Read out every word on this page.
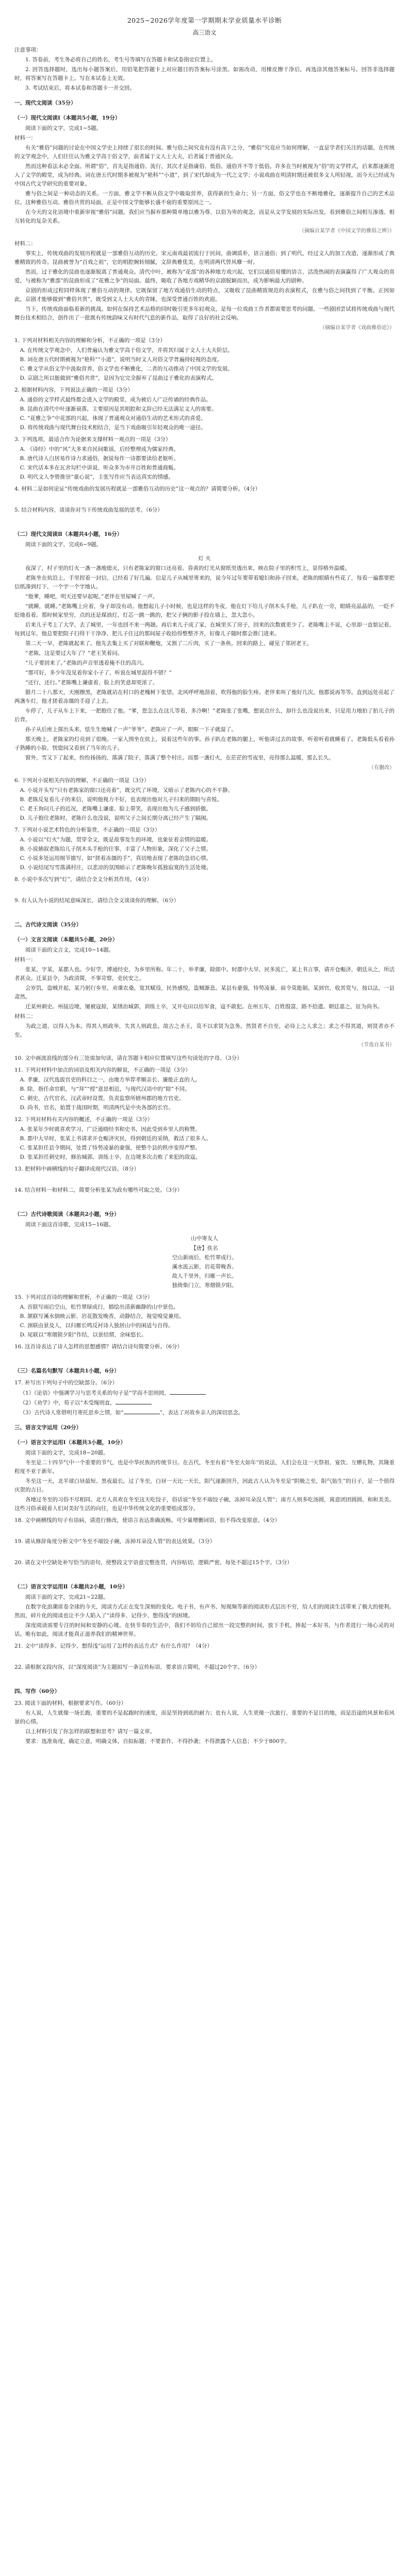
2025~2026学年度第一学期期末学业质量水平诊断
高三语文
注意事项：
1. 答卷前，考生务必将自己的姓名、考生号等填写在答题卡和试卷指定位置上。
2. 回答选择题时，选出每小题答案后，用铅笔把答题卡上对应题目的答案标号涂黑。如需改动，用橡皮擦干净后，再选涂其他答案标号。回答非选择题时，将答案写在答题卡上。写在本试卷上无效。
3. 考试结束后，将本试卷和答题卡一并交回。
一、现代文阅读（35分）
（一）现代文阅读Ⅰ（本题共5小题，19分）
阅读下面的文字，完成1~5题。
材料一：
有关“雅俗”问题的讨论在中国文学史上持续了很长的时间。雅与俗之间究竟有没有高下之分，“雅俗”究竟应当如何理解，一直是学者们关注的话题。在传统的文学观念中，人们往往认为雅文学高于俗文学，前者属于文人士大夫，后者属于普通民众。
然而这种看法未必全面。所谓“俗”，首先是指通俗、流行，其次才是指庸俗、低俗。通俗并不等于低俗。许多在当时被视为“俗”的文学样式，后来都逐渐进入了文学的殿堂，成为经典。词在唐五代时期多被视为“艳科”“小道”，到了宋代却成为一代之文学；小说戏曲在明清时期还被很多文人所轻视，而今天已经成为中国古代文学研究的重要对象。
雅与俗之间是一种动态的关系。一方面，雅文学不断从俗文学中吸取营养，获得新的生命力；另一方面，俗文学也在不断地雅化，逐渐提升自己的艺术品位。这种雅俗互动、雅俗共赏的局面，正是中国文学能够长盛不衰的重要原因之一。
在今天的文化语境中重新审视“雅俗”问题，我们应当摒弃那种简单地以雅为尊、以俗为卑的观念，而是从文学发展的实际出发，看到雅俗之间相互渗透、相互转化的复杂关系。
（摘编自某学者《中国文学的雅俗之辨》）
材料二：
事实上，传统戏曲的发展历程就是一部雅俗互动的历史。宋元南戏最初流行于民间，曲调质朴，语言通俗；到了明代，经过文人的加工改造，逐渐形成了典雅精致的传奇。昆曲被誉为“百戏之祖”，它的唱腔婉转细腻，文辞典雅优美，在明清两代曾风靡一时。
然而，过于雅化的昆曲也逐渐脱离了普通观众。清代中叶，被称为“花部”的各种地方戏兴起，它们以通俗易懂的语言、活泼热闹的表演赢得了广大观众的喜爱，与被称为“雅部”的昆曲形成了“花雅之争”的局面。最终，吸收了各地方戏精华的京剧脱颖而出，成为影响最大的剧种。
京剧的形成过程同样体现了雅俗互动的规律。它既保留了地方戏通俗生动的特点，又吸收了昆曲精致规范的表演程式，在雅与俗之间找到了平衡。正因如此，京剧才能够做到“雅俗共赏”，既受到文人士大夫的青睐，也深受普通百姓的欢迎。
当下，传统戏曲面临着新的挑战。如何在保持艺术品格的同时吸引更多年轻观众，是每一位戏曲工作者都需要思考的问题。一些剧团尝试将传统戏曲与现代舞台技术相结合，创作出了一批既有传统韵味又有时代气息的新作品，取得了良好的社会反响。
（摘编自某学者《戏曲雅俗论》）
1. 下列对材料相关内容的理解和分析，不正确的一项是（3分）
A. 在传统文学观念中，人们普遍认为雅文学高于俗文学，并将其归属于文人士大夫阶层。
B. 词在唐五代时期被视为“艳科”“小道”，说明当时文人对俗文学普遍持轻视的态度。
C. 雅文学从俗文学中汲取营养，俗文学也不断雅化，二者的互动推动了中国文学的发展。
D. 京剧之所以能做到“雅俗共赏”，是因为它完全摒弃了昆曲过于雅化的表演程式。
2. 根据材料内容，下列说法正确的一项是（3分）
A. 通俗的文学样式最终都会进入文学的殿堂，成为被后人广泛传诵的经典作品。
B. 昆曲在清代中叶逐渐衰落，主要原因是其唱腔和文辞已经无法满足文人的需要。
C. “花雅之争”中花部的兴起，体现了普通观众对通俗生动的艺术形式的喜爱。
D. 将传统戏曲与现代舞台技术相结合，是当下戏曲吸引年轻观众的唯一途径。
3. 下列选项，最适合作为论据来支撑材料一观点的一项是（3分）
A. 《诗经》中的“风”大多来自民间歌谣，后经整理成为儒家经典。
B. 唐代诗人白居易作诗力求通俗，据说每作一诗都要读给老妪听。
C. 宋代话本多在瓦舍勾栏中讲说，听众多为市井百姓和普通商贩。
D. 明代文人李贽推崇“童心说”，主张写作应当表达真实的情感。
4. 材料二是如何论证“传统戏曲的发展历程就是一部雅俗互动的历史”这一观点的？请简要分析。（4分）
5. 结合材料内容，谈谈你对当下传统戏曲发展的思考。（6分）
（二）现代文阅读Ⅱ（本题共4小题，16分）
阅读下面的文字，完成6~9题。
灯 火
夜深了，村子里的灯火一盏一盏地熄灭，只有老陈家的窗口还亮着。昏黄的灯光从窗纸里透出来，映在院子里的积雪上，显得格外温暖。
老陈坐在炕沿上，手里捏着一封信，已经看了好几遍。信是儿子从城里寄来的，说今年过年要带着媳妇和孙子回来。老陈的眼睛有些花了，每看一遍都要把信纸凑到灯下，一个字一个字地认。
“他爹，睡吧，明天还要早起呢。”老伴在里屋喊了一声。
“就睡，就睡。”老陈嘴上应着，身子却没有动。他想起儿子小时候，也是这样的冬夜，他在灯下给儿子削木头手枪，儿子趴在一旁，眼睛亮晶晶的，一眨不眨地看着。那时候家里穷，点的还是煤油灯，灯芯一跳一跳的，把父子俩的影子投在墙上，忽大忽小。
后来儿子考上了大学，去了城里，一年也回不来一两趟。再后来儿子成了家，在城里买了房子，回来的次数就更少了。老陈嘴上不说，心里却一直惦记着。每到过年，他总要把院子扫得干干净净，把儿子住过的那间屋子收拾得整整齐齐，好像儿子随时都会推门进来。
第二天一早，老陈就起来了。他先去集上买了对联和鞭炮，又割了二斤肉，买了一条鱼。回来的路上，碰见了邻居老王。
“老陈，这是要过大年了？”老王笑着问。
“儿子要回来了。”老陈的声音里透着掩不住的高兴。
“那可好，多少年没见着你家小子了，听说在城里混得不错？”
“还行，还行。”老陈嘴上谦虚着，脸上的笑意却更浓了。
腊月二十八那天，天刚擦黑，老陈就站在村口的老槐树下张望。北风呼呼地刮着，吹得他的脸生疼。老伴来叫了他好几次，他都说再等等。直到远处亮起了两盏车灯，他才搓着冻僵的手迎了上去。
车停了，儿子从车上下来，一把抱住了他。“爹，您怎么在这儿等着，多冷啊！”老陈张了张嘴，想说点什么，却什么也没说出来，只是用力地拍了拍儿子的后背。
孙子从后座上探出头来，怯生生地喊了一声“爷爷”。老陈应了一声，眼眶一下子就湿了。
那天晚上，老陈家的灯亮到了很晚。一家人围坐在炕上，说着这些年的事。孙子趴在老陈的腿上，听他讲过去的故事，听着听着就睡着了。老陈低头看着孙子熟睡的小脸，恍惚间又看到了当年的儿子。
窗外，雪又下了起来，纷纷扬扬的，落满了院子，落满了整个村庄。而那一盏灯火，在茫茫的雪夜里，亮得那么温暖，那么长久。
（有删改）
6. 下列对小说相关内容的理解，不正确的一项是（3分）
A. 小说开头写“只有老陈家的窗口还亮着”，既交代了环境，又暗示了老陈内心的不平静。
B. 老陈反复看儿子的来信，说明他视力不好，也表现出他对儿子归来的期盼与喜悦。
C. 老王询问儿子的近况，老陈嘴上谦虚、脸上带笑，表现出他为儿子感到骄傲。
D. 儿子抱住老陈时，老陈什么也没说，说明父子之间长期分离已经产生了隔阂。
7. 下列对小说艺术特色的分析鉴赏，不正确的一项是（3分）
A. 小说以“灯火”为题，贯穿全文，既是故事发生的环境，也象征着亲情的温暖。
B. 小说插叙老陈给儿子削木头手枪的往事，丰富了人物形象，深化了父子之情。
C. 小说多处运用细节描写，如“搓着冻僵的手”，真切地表现了老陈的急切心情。
D. 小说结尾写雪落满村庄，以悲凉的氛围暗示了老陈晚年孤独寂寞的生活处境。
8. 小说中多次写到“灯”，请结合全文分析其作用。（4分）
9. 有人认为小说的结尾意味深长，请结合全文谈谈你的理解。（6分）
二、古代诗文阅读（35分）
（一）文言文阅读（本题共5小题，20分）
阅读下面的文言文，完成10~14题。
材料一：
张某，字某，某郡人也。少好学，博通经史，为乡里所称。年二十，举孝廉，除郎中。时郡中大旱，民多流亡，某上书言事，请开仓赈济，朝廷从之，所活者甚众。迁某县令，为政清简，不事苛察，吏民安之。
会岁饥，盗贼并起，某乃躬行乡里，劝课农桑，宽其赋役，民皆感悦，盗贼渐息。某县有豪强，恃势凌暴，前令莫能制。某到官，收其党与，按以法，一县肃然。
迁某州刺史。州接边境，屡被寇掠，某缮治城郭，训练士卒，又开屯田以给军食，寇不敢犯。在州五年，百姓殷富，路不拾遗。朝廷嘉之，征为尚书。
材料二：
为政之道，以得人为本。得其人则政举，失其人则政息。故古之圣王，莫不以求贤为急务。然贤者不自至，必待上之人求之；求之不得其道，则贤者亦不至。
（节选自某书）
10. 文中画波浪线的部分有三处需加句读，请在答题卡相应位置填写这些句读处的字母。（3分）
11. 下列对材料中加点的词语及相关内容的解说，不正确的一项是（3分）
A. 孝廉，汉代选拔官吏的科目之一，由地方举荐孝顺亲长、廉能正直的人。
B. 除，指任命官职，与“拜”“授”意思相近，与现代汉语中的“除”不同。
C. 刺史，古代官名，汉武帝时设置，负责监察所辖州郡的地方官吏。
D. 尚书，官名，始置于战国时期，明清两代是中央各部的长官。
12. 下列对材料有关内容的概述，不正确的一项是（3分）
A. 张某年少时就喜欢学习，广泛通晓经书和史书，因此受到乡里人的称赞。
B. 郡中大旱时，张某上书请求开仓赈济灾民，得到朝廷的采纳，救活了很多人。
C. 张某担任县令期间，处置了恃势凌暴的豪强，使整个县的秩序变得严整。
D. 张某担任刺史时，修治城郭、训练士卒，在边境多次击败了来犯的敌寇。
13. 把材料中画横线的句子翻译成现代汉语。（8分）
14. 结合材料一和材料二，简要分析张某为政有哪些可取之处。（3分）
（二）古代诗歌阅读（本题共2小题，9分）
阅读下面这首诗歌，完成15~16题。
山中寄友人
【唐】佚名
空山新雨后，松竹翠成行。
溪水流云影，岩花带晚香。
故人千里外，归雁一声长。
独倚柴门立，寒烟锁夕阳。
15. 下列对这首诗的理解和赏析，不正确的一项是（3分）
A. 首联写雨后空山，松竹翠绿成行，描绘出清新幽静的山中景色。
B. 颔联写溪水倒映云影、岩花散发晚香，动静结合，视觉嗅觉兼用。
C. 颈联由景及人，以归雁长鸣反衬诗人独居山中的闲适与自得。
D. 尾联以“寒烟锁夕阳”作结，以景结情，余味悠长。
16. 这首诗表达了诗人怎样的思想感情？请结合诗句简要分析。（6分）
（三）名篇名句默写（本题共1小题，6分）
17. 补写出下列句子中的空缺部分。（6分）
（1）《论语》中强调学习与思考关系的句子是“学而不思则罔，
（2）《劝学》中，荀子以“木受绳则直，
（3）古代诗人常借明月寄托思乡之情，如“	”，表达了对故乡亲人的深切思念。
三、语言文字运用（20分）
（一）语言文字运用Ⅰ（本题共3小题，10分）
阅读下面的文字，完成18~20题。
冬至是二十四节气中一个重要的节气，也是中华民族的传统节日。在古代，冬至有着“冬至大如年”的说法，人们会在这一天祭祖、宴饮、互赠礼物，其隆重程度不亚于新年。
冬至这一天，北半球白昼最短、黑夜最长。过了冬至，白昼一天比一天长，阳气逐渐回升，因此古人认为冬至是“阴极之至，阳气始生”的日子，是一个值得庆贺的吉日。
各地过冬至的习俗不尽相同。北方人喜欢在冬至这天吃饺子，俗话说“冬至不端饺子碗，冻掉耳朵没人管”；南方人则多吃汤圆，寓意团团圆圆、和和美美。这些习俗承载着人们对美好生活的向往，也是中华传统文化的重要组成部分。
18. 文中画横线的句子有语病，请进行修改，使语言表达准确流畅。可少量增删词语，但不得改变原意。（4分）
19. 请从修辞角度分析文中“冬至不端饺子碗，冻掉耳朵没人管”的表达效果。（3分）
20. 请在文中空缺处补写恰当的语句，使整段文字语意完整连贯，内容贴切，逻辑严密。每处不超过15个字。（3分）
（二）语言文字运用Ⅱ（本题共2小题，10分）
阅读下面的文字，完成21~22题。
在数字化浪潮席卷全球的今天，阅读方式正在发生深刻的变化。电子书、有声书、短视频等新的阅读形式层出不穷，给人们的阅读生活带来了极大的便利。然而，碎片化的阅读也让不少人陷入了“读得多、记得少、想得浅”的困境。
深度阅读需要专注的时间和安静的心境。在快节奏的生活中，我们不妨给自己留出一段完整的时间，放下手机，捧起一本好书，与作者进行一场心灵的对话。唯有如此，阅读才能真正滋养我们的精神世界。
21. 文中“读得多、记得少、想得浅”运用了怎样的表达方式？有什么作用？（4分）
22. 请根据文段内容，以“深度阅读”为主题拟写一条宣传标语，要求语言简明，不超过20个字。（6分）
四、写作（60分）
23. 阅读下面的材料，根据要求写作。（60分）
有人说，人生就像一场长跑，重要的不是起跑时的速度，而是坚持到底的耐力；也有人说，人生更像一次旅行，重要的不是目的地，而是沿途的风景和看风景的心情。
以上材料引发了你怎样的联想和思考？请写一篇文章。
要求：选准角度，确定立意，明确文体，自拟标题；不要套作，不得抄袭；不得泄露个人信息；不少于800字。
